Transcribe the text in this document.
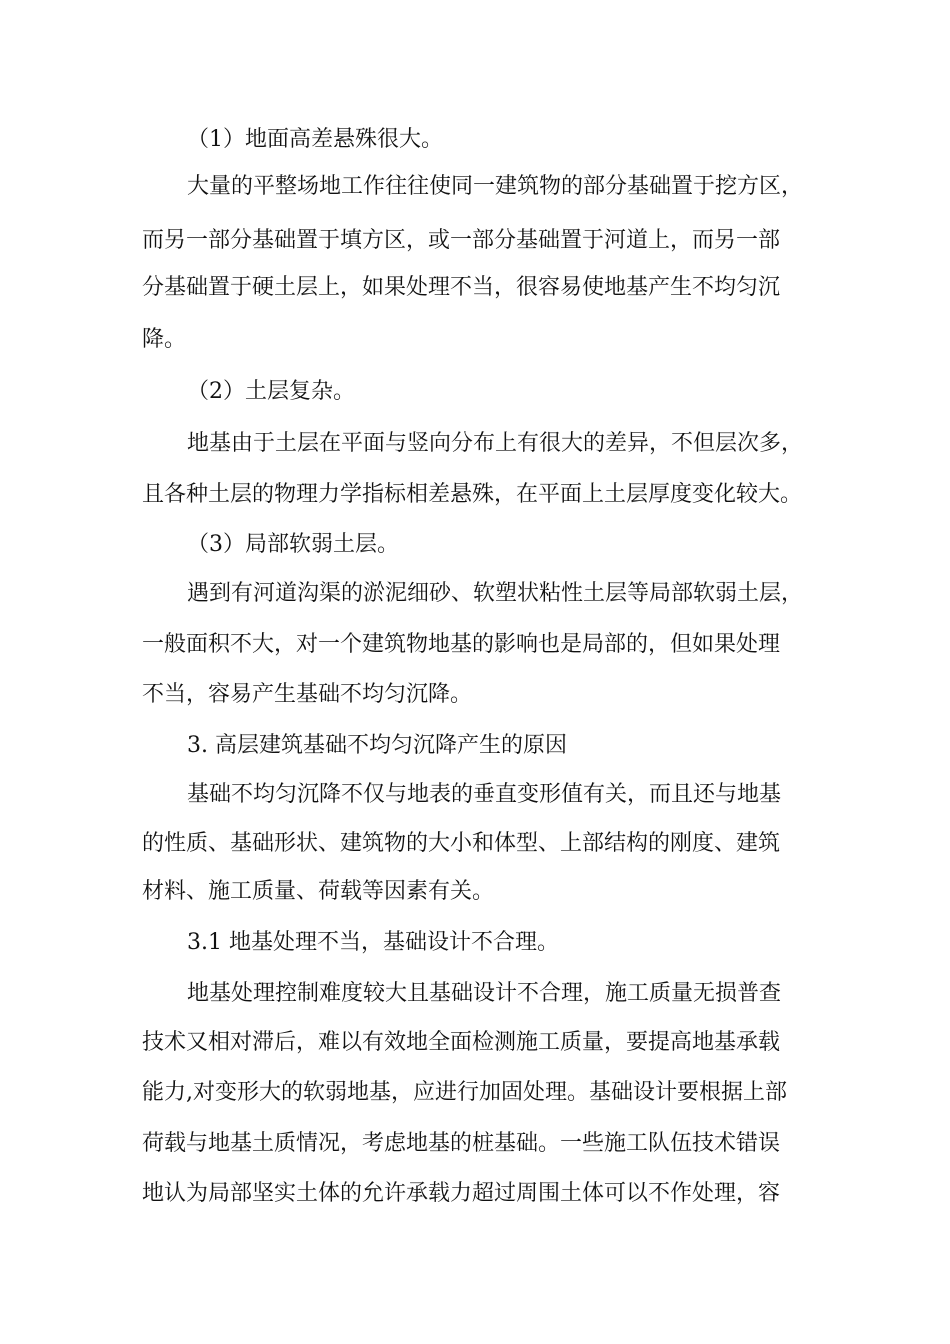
（1）地面高差悬殊很大。

大量的平整场地工作往往使同一建筑物的部分基础置于挖方区，

而另一部分基础置于填方区，或一部分基础置于河道上，而另一部

分基础置于硬土层上，如果处理不当，很容易使地基产生不均匀沉

降。

（2）土层复杂。

地基由于土层在平面与竖向分布上有很大的差异，不但层次多，

且各种土层的物理力学指标相差悬殊，在平面上土层厚度变化较大。

（3）局部软弱土层。

遇到有河道沟渠的淤泥细砂、软塑状粘性土层等局部软弱土层，

一般面积不大，对一个建筑物地基的影响也是局部的，但如果处理

不当，容易产生基础不均匀沉降。

3. 高层建筑基础不均匀沉降产生的原因

基础不均匀沉降不仅与地表的垂直变形值有关，而且还与地基

的性质、基础形状、建筑物的大小和体型、上部结构的刚度、建筑

材料、施工质量、荷载等因素有关。

3.1 地基处理不当，基础设计不合理。

地基处理控制难度较大且基础设计不合理，施工质量无损普查

技术又相对滞后，难以有效地全面检测施工质量，要提高地基承载

能力,对变形大的软弱地基，应进行加固处理。基础设计要根据上部

荷载与地基土质情况，考虑地基的桩基础。一些施工队伍技术错误

地认为局部坚实土体的允许承载力超过周围土体可以不作处理，容
